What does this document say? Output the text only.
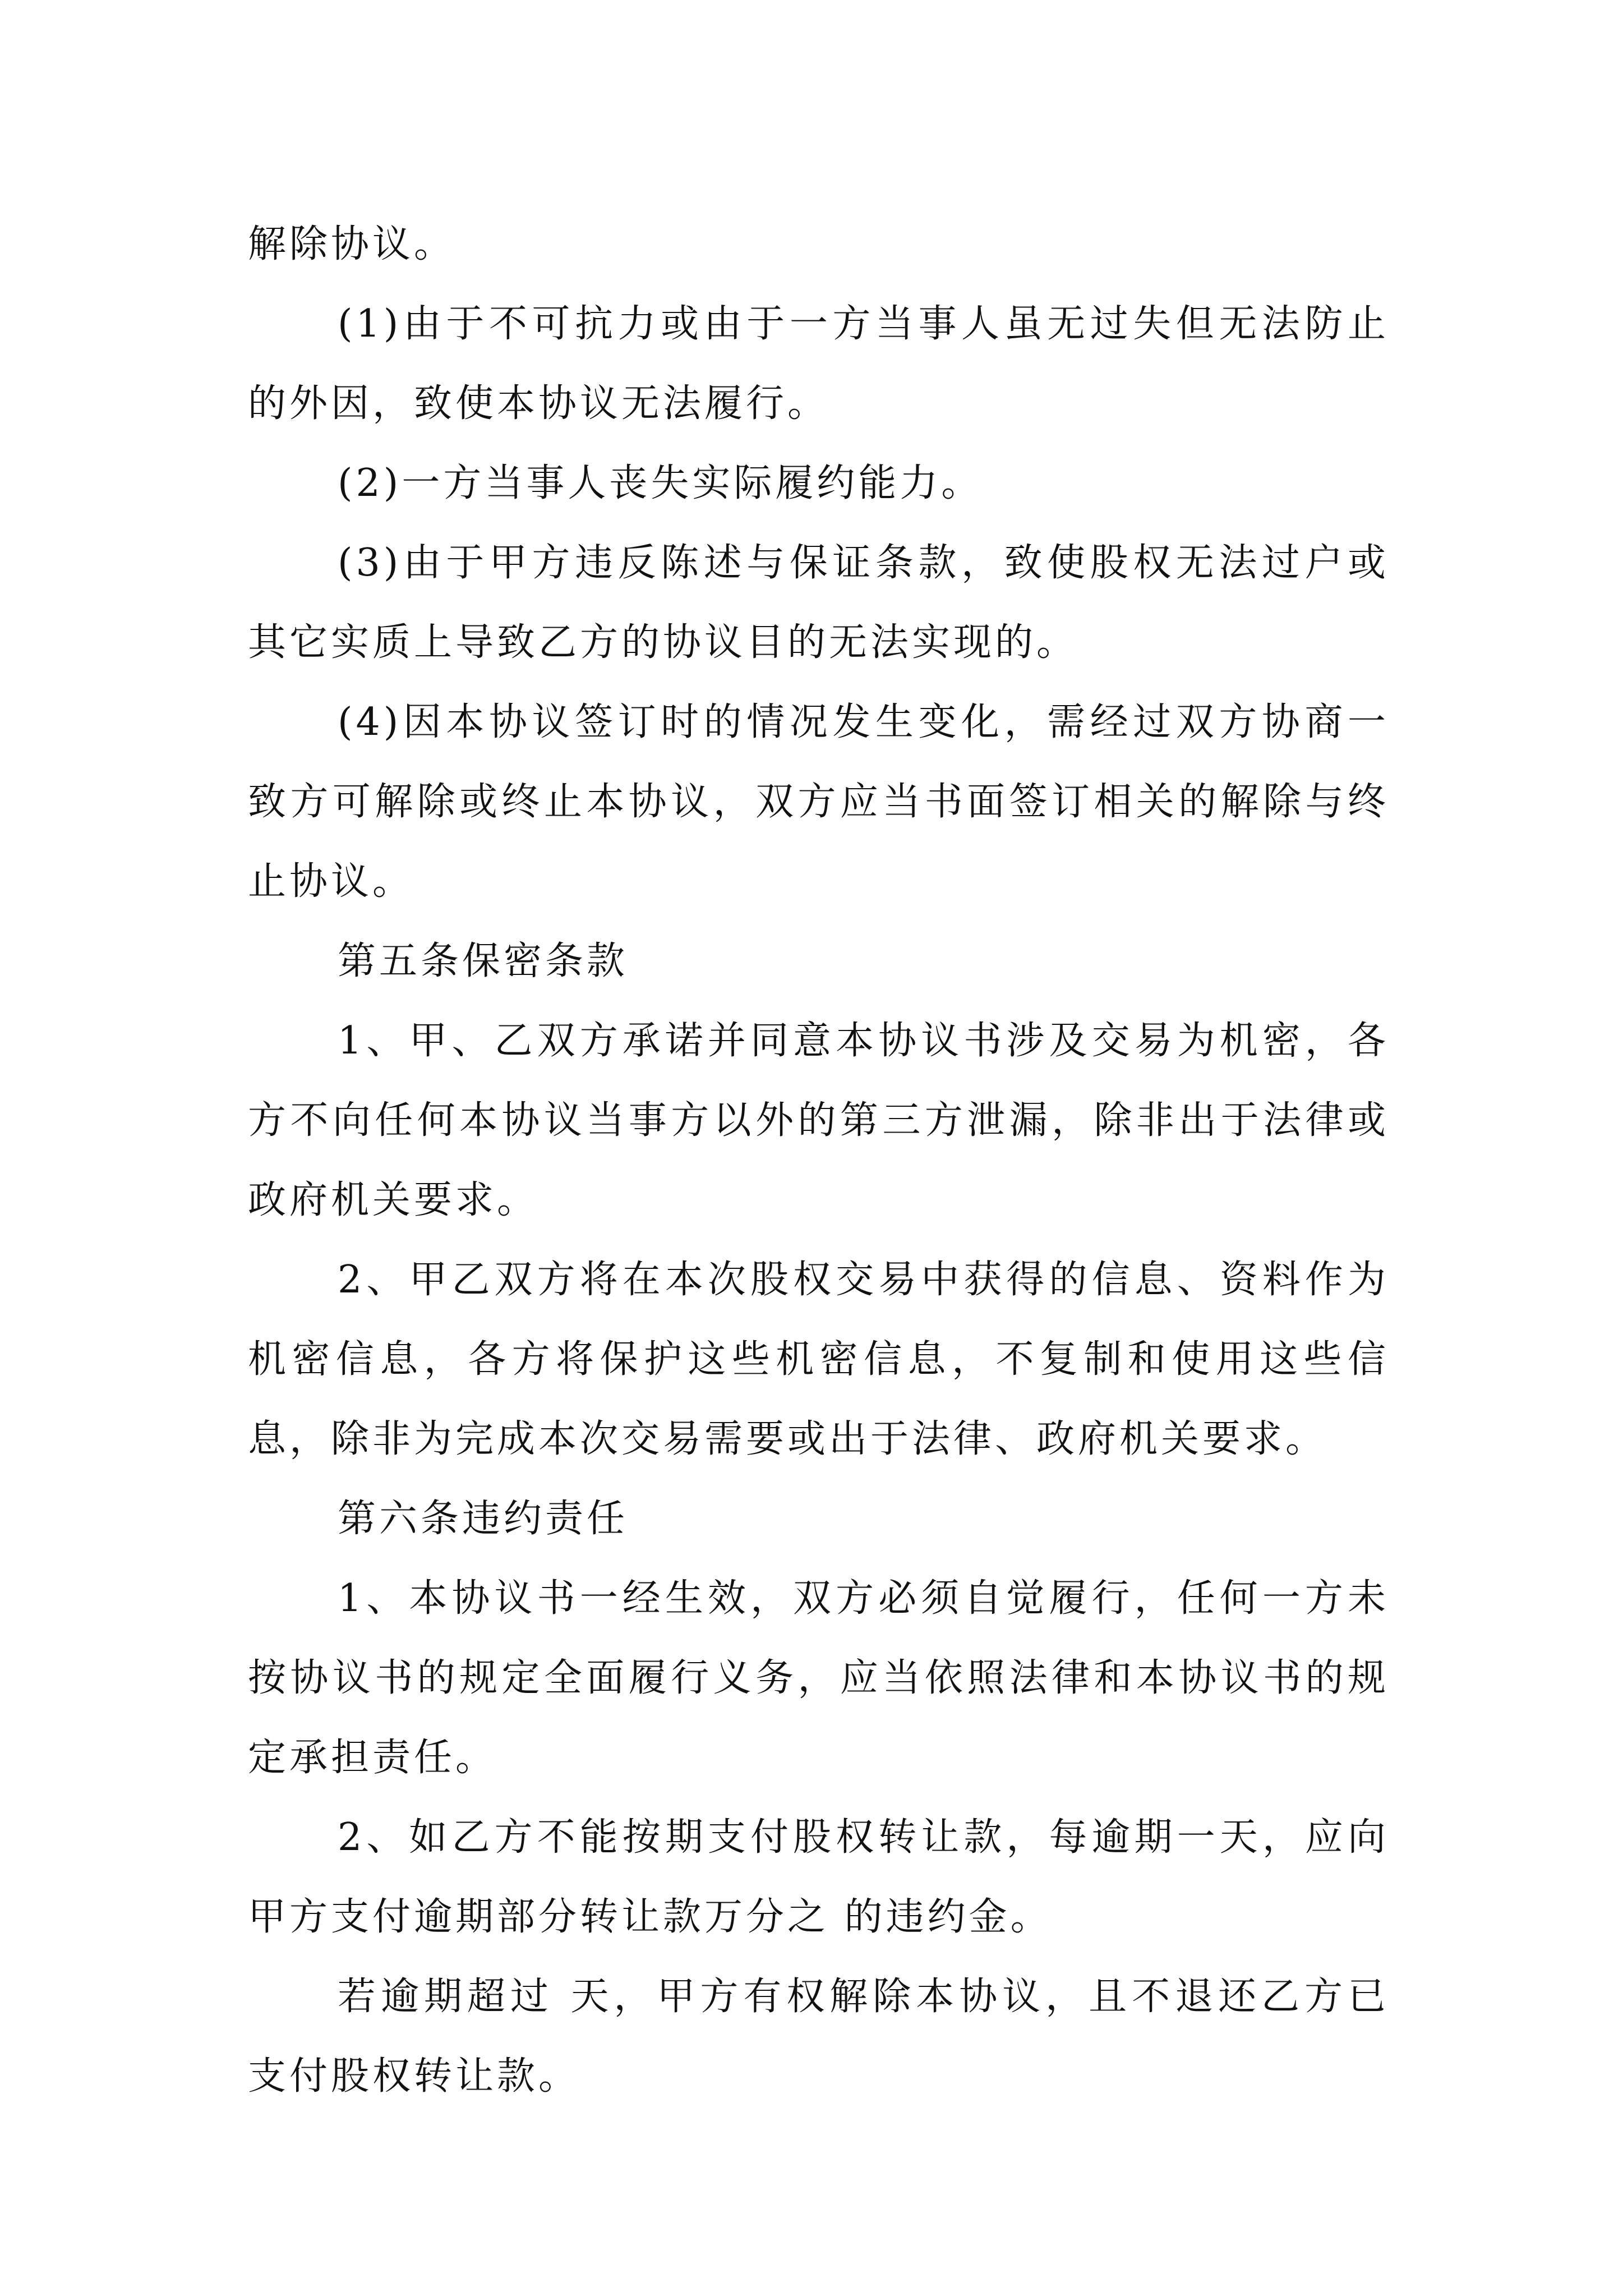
解除协议。

(1)由于不可抗力或由于一方当事人虽无过失但无法防止的外因，致使本协议无法履行。

(2)一方当事人丧失实际履约能力。

(3)由于甲方违反陈述与保证条款，致使股权无法过户或其它实质上导致乙方的协议目的无法实现的。

(4)因本协议签订时的情况发生变化，需经过双方协商一致方可解除或终止本协议，双方应当书面签订相关的解除与终止协议。

第五条保密条款

1、甲、乙双方承诺并同意本协议书涉及交易为机密，各方不向任何本协议当事方以外的第三方泄漏，除非出于法律或政府机关要求。

2、甲乙双方将在本次股权交易中获得的信息、资料作为机密信息，各方将保护这些机密信息，不复制和使用这些信息，除非为完成本次交易需要或出于法律、政府机关要求。

第六条违约责任

1、本协议书一经生效，双方必须自觉履行，任何一方未按协议书的规定全面履行义务，应当依照法律和本协议书的规定承担责任。

2、如乙方不能按期支付股权转让款，每逾期一天，应向甲方支付逾期部分转让款万分之 的违约金。

若逾期超过 天，甲方有权解除本协议，且不退还乙方已支付股权转让款。
